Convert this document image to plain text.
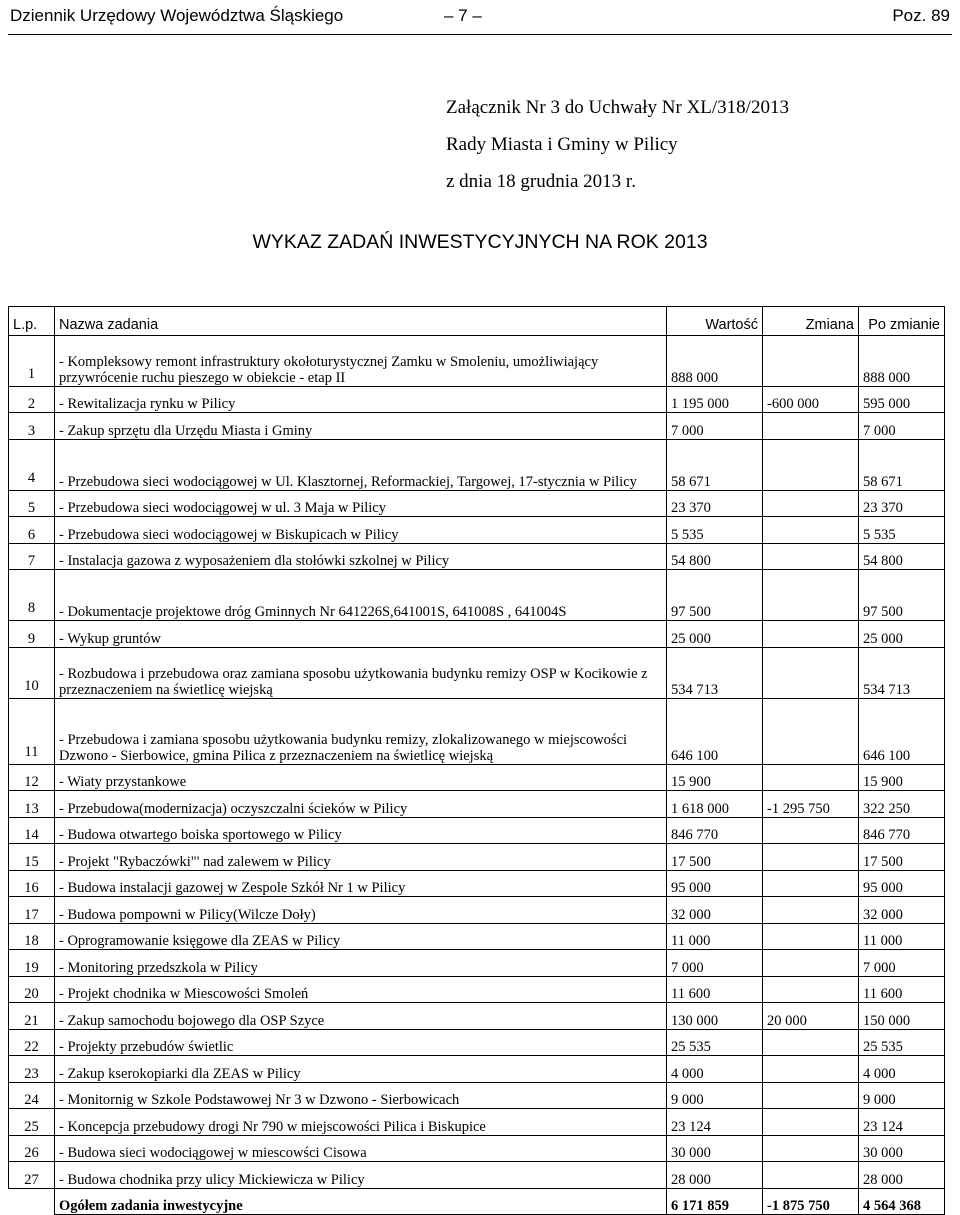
Dziennik Urzędowy Województwa Śląskiego	– 7 –	Poz. 89
Załącznik Nr 3 do Uchwały Nr XL/318/2013
Rady Miasta i Gminy w Pilicy
z dnia 18 grudnia 2013 r.
WYKAZ ZADAŃ INWESTYCYJNYCH NA ROK 2013
L.p.	Nazwa zadania	Wartość	Zmiana	Po zmianie
1	- Kompleksowy remont infrastruktury okołoturystycznej Zamku w Smoleniu, umożliwiający przywrócenie ruchu pieszego w obiekcie - etap II	888 000		888 000
2	- Rewitalizacja rynku w Pilicy	1 195 000	-600 000	595 000
3	- Zakup sprzętu dla Urzędu Miasta i Gminy	7 000		7 000
4	- Przebudowa sieci wodociągowej w Ul. Klasztornej, Reformackiej, Targowej, 17-stycznia w Pilicy	58 671		58 671
5	- Przebudowa sieci wodociągowej w ul. 3 Maja w Pilicy	23 370		23 370
6	- Przebudowa sieci wodociągowej w Biskupicach w Pilicy	5 535		5 535
7	- Instalacja gazowa z wyposażeniem dla stołówki szkolnej w Pilicy	54 800		54 800
8	- Dokumentacje projektowe dróg Gminnych Nr 641226S,641001S, 641008S , 641004S	97 500		97 500
9	- Wykup gruntów	25 000		25 000
10	- Rozbudowa i przebudowa oraz zamiana sposobu użytkowania budynku remizy OSP w Kocikowie z przeznaczeniem na świetlicę wiejską	534 713		534 713
11	- Przebudowa i zamiana sposobu użytkowania budynku remizy, zlokalizowanego w miejscowości Dzwono - Sierbowice, gmina Pilica z przeznaczeniem na świetlicę wiejską	646 100		646 100
12	- Wiaty przystankowe	15 900		15 900
13	- Przebudowa(modernizacja) oczyszczalni ścieków w Pilicy	1 618 000	-1 295 750	322 250
14	- Budowa otwartego boiska sportowego w Pilicy	846 770		846 770
15	- Projekt "Rybaczówki"' nad zalewem w Pilicy	17 500		17 500
16	- Budowa instalacji gazowej w Zespole Szkół Nr 1 w Pilicy	95 000		95 000
17	- Budowa pompowni w Pilicy(Wilcze Doły)	32 000		32 000
18	- Oprogramowanie księgowe dla ZEAS w Pilicy	11 000		11 000
19	- Monitoring przedszkola w Pilicy	7 000		7 000
20	- Projekt chodnika w Miescowości Smoleń	11 600		11 600
21	- Zakup samochodu bojowego dla OSP Szyce	130 000	20 000	150 000
22	- Projekty przebudów świetlic	25 535		25 535
23	- Zakup kserokopiarki dla ZEAS w Pilicy	4 000		4 000
24	- Monitornig w Szkole Podstawowej Nr 3 w Dzwono - Sierbowicach	9 000		9 000
25	- Koncepcja przebudowy drogi Nr 790 w miejscowości Pilica i Biskupice	23 124		23 124
26	- Budowa sieci wodociągowej w miescowści Cisowa	30 000		30 000
27	- Budowa chodnika przy ulicy Mickiewicza w Pilicy	28 000		28 000
	Ogółem zadania inwestycyjne	6 171 859	-1 875 750	4 564 368
